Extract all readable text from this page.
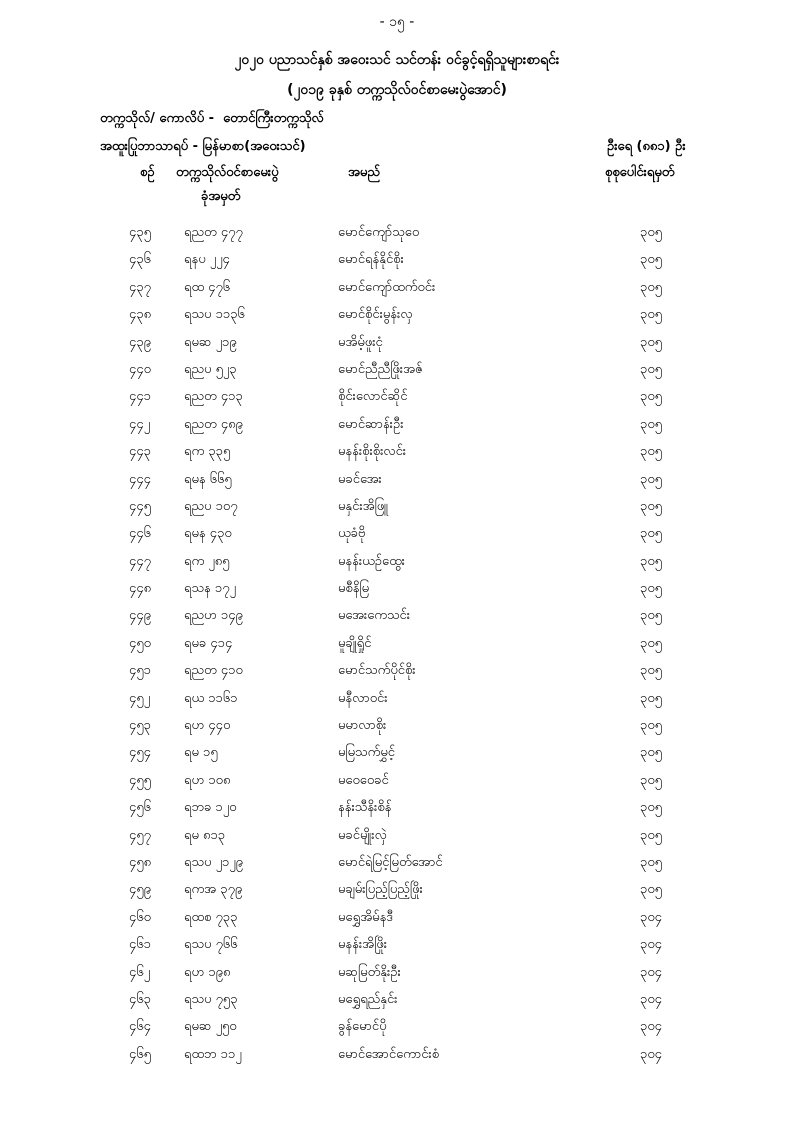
- ၁၅ -
၂၀၂၀ ပညာသင်နှစ် အဝေးသင် သင်တန်း ဝင်ခွင့်ရရှိသူများစာရင်း
(၂၀၁၉ ခုနှစ် တက္ကသိုလ်ဝင်စာမေးပွဲအောင်)
တက္ကသိုလ်/ ကောလိပ် - ‌ တောင်ကြီးတက္ကသိုလ်
အထူးပြုဘာသာရပ် - မြန်မာစာ(အဝေးသင်)	ဦးရေ (၈၈၁) ဦး
စဉ် တက္ကသိုလ်ဝင်စာမေးပွဲ
ခုံအမှတ်
အမည်	စုစုပေါင်းရမှတ်
၄၃၅	ရညတ ၄၇၇	မောင်ကျော်သုဝေ	၃၀၅
၄၃၆	ရနပ ၂၂၄	မောင်ရန်နိုင်စိုး	၃၀၅
၄၃၇	ရထ ၄၇၆	မောင်ကျော်ထက်ဝင်း	၃၀၅
၄၃၈	ရသပ ၁၁၃၆	မောင်စိုင်းမွန်းလှ	၃၀၅
၄၃၉	ရမဆ ၂၁၉	မအိမ့်ဖူးငုံ	၃၀၅
၄၄၀	ရညပ ၅၂၃	မောင်ညီညီဖြိုးအဇ်	၃၀၅
၄၄၁	ရညတ ၄၁၃	စိုင်းလောင်ဆိုင်	၃၀၅
၄၄၂	ရညတ ၄၈၉	မောင်ဆာန်းဦး	၃၀၅
၄၄၃	ရက ၃၃၅	မနန်းစိုးစိုးလင်း	၃၀၅
၄၄၄	ရမန ၆၆၅	မခင်အေး	၃၀၅
၄၄၅	ရညပ ၁၀၇	မနှင်းအိဖြူ	၃၀၅
၄၄၆	ရမန ၄၃၀	ယုခံဗို	၃၀၅
၄၄၇	ရက ၂၈၅	မနန်းယဉ်ထွေး	၃၀၅
၄၄၈	ရသန ၁၇၂	မစီနိမြ	၃၀၅
၄၄၉	ရညဟ ၁၄၉	မအေးကေသင်း	၃၀၅
၄၅၀	ရမခ ၄၁၄	မူချိုရှိုင်	၃၀၅
၄၅၁	ရညတ ၄၁၀	မောင်သက်ပိုင်စိုး	၃၀၅
၄၅၂	ရယ ၁၁၆၁	မနီလာဝင်း	၃၀၅
၄၅၃	ရဟ ၄၄၀	မမာလာစိုး	၃၀၅
၄၅၄	ရမ ၁၅	မမြသက်မွှင့်	၃၀၅
၄၅၅	ရဟ ၁၀၈	မဝေဝေခင်	၃၀၅
၄၅၆	ရဘခ ၁၂၀	နန်းသီနိးစိန်	၃၀၅
၄၅၇	ရမ ၈၁၃	မခင်မျိုးလှဲ	၃၀၅
၄၅၈	ရသပ ၂၁၂၉	မောင်ရဲမြင့်မြတ်အောင်	၃၀၅
၄၅၉	ရကအ ၃၇၉	မချမ်းပြည့်ပြည့်ဖြိုး	၃၀၅
၄၆၀	ရထစ ၇၃၃	မရွှေအိမ်နဒီ	၃၀၄
၄၆၁	ရသပ ၇၆၆	မနန်းအိဖြိုး	၃၀၄
၄၆၂	ရဟ ၁၉၈	မဆုမြတ်နိုးဦး	၃၀၄
၄၆၃	ရသပ ၇၅၃	မရွှေရည်နှင်း	၃၀၄
၄၆၄	ရမဆ ၂၅၀	ခွန်မောင်ပို	၃၀၄
၄၆၅	ရထဘ ၁၁၂	မောင်အောင်ကောင်းစံ	၃၀၄
